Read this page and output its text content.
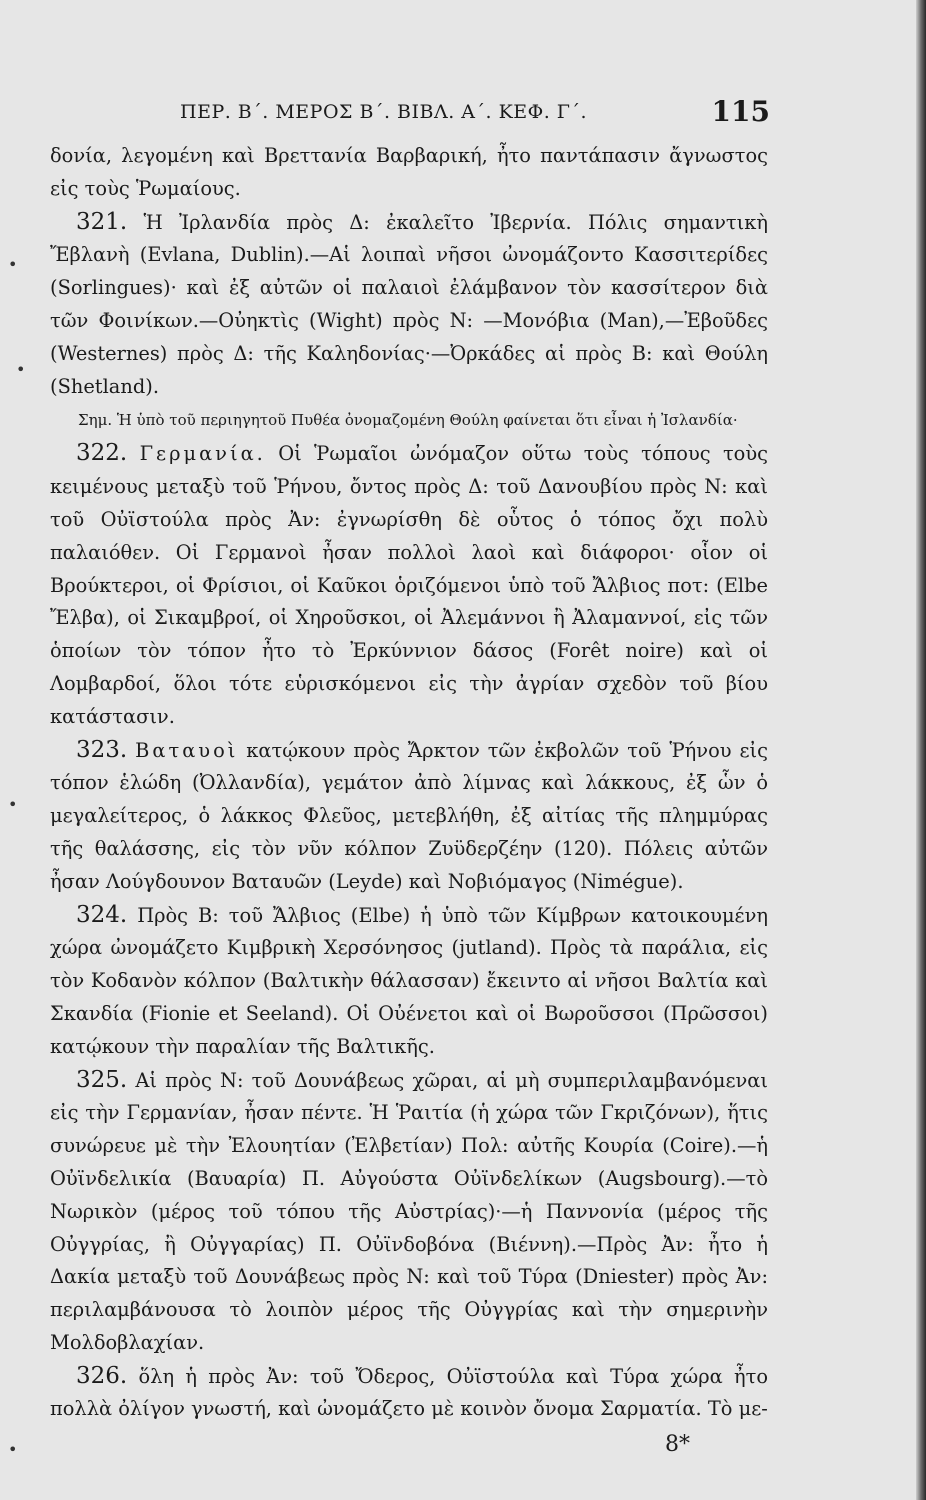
ΠΕΡ. Β΄. ΜΕΡΟΣ Β΄. ΒΙΒΛ. Α΄. ΚΕΦ. Γ΄.	115

δονία, λεγομένη καὶ Βρεττανία Βαρβαρική, ἦτο παντάπασιν ἄγνωστος εἰς τοὺς Ῥωμαίους.

321. Ἡ Ἰρλανδία πρὸς Δ: ἐκαλεῖτο Ἰβερνία. Πόλις σημαντικὴ Ἔβλανὴ (Evlana, Dublin).—Αἱ λοιπαὶ νῆσοι ὠνομάζοντο Κασσιτερίδες (Sorlingues)· καὶ ἐξ αὐτῶν οἱ παλαιοὶ ἐλάμβανον τὸν κασσίτερον διὰ τῶν Φοινίκων.—Οὐηκτὶς (Wight) πρὸς Ν: —Μονόβια (Man),—Ἐβοῦδες (Westernes) πρὸς Δ: τῆς Καληδονίας·—Ὀρκάδες αἱ πρὸς Β: καὶ Θούλη (Shetland).

Σημ. Ἡ ὑπὸ τοῦ περιηγητοῦ Πυθέα ὀνομαζομένη Θούλη φαίνεται ὅτι εἶναι ἡ Ἰσλανδία·

322. Γερμανία. Οἱ Ῥωμαῖοι ὠνόμαζον οὕτω τοὺς τόπους τοὺς κειμένους μεταξὺ τοῦ Ῥήνου, ὄντος πρὸς Δ: τοῦ Δανουβίου πρὸς Ν: καὶ τοῦ Οὐϊστούλα πρὸς Ἀν: ἐγνωρίσθη δὲ οὗτος ὁ τόπος ὄχι πολὺ παλαιόθεν. Οἱ Γερμανοὶ ἦσαν πολλοὶ λαοὶ καὶ διάφοροι· οἷον οἱ Βρούκτεροι, οἱ Φρίσιοι, οἱ Καῦκοι ὁριζόμενοι ὑπὸ τοῦ Ἄλβιος ποτ: (Elbe Ἔλβα), οἱ Σικαμβροί, οἱ Χηροῦσκοι, οἱ Ἀλεμάννοι ἢ Ἀλαμαννοί, εἰς τῶν ὁποίων τὸν τόπον ἦτο τὸ Ἐρκύννιον δάσος (Forêt noire) καὶ οἱ Λομβαρδοί, ὅλοι τότε εὑρισκόμενοι εἰς τὴν ἀγρίαν σχεδὸν τοῦ βίου κατάστασιν.

323. Βαταυοὶ κατῴκουν πρὸς Ἄρκτον τῶν ἐκβολῶν τοῦ Ῥήνου εἰς τόπον ἑλώδη (Ὀλλανδία), γεμάτον ἀπὸ λίμνας καὶ λάκκους, ἐξ ὧν ὁ μεγαλείτερος, ὁ λάκκος Φλεῦος, μετεβλήθη, ἐξ αἰτίας τῆς πλημμύρας τῆς θαλάσσης, εἰς τὸν νῦν κόλπον Ζυϋδερζέην (120). Πόλεις αὐτῶν ἦσαν Λούγδουνον Βαταυῶν (Leyde) καὶ Νοβιόμαγος (Nimégue).

324. Πρὸς Β: τοῦ Ἄλβιος (Elbe) ἡ ὑπὸ τῶν Κίμβρων κατοικουμένη χώρα ὠνομάζετο Κιμβρικὴ Χερσόνησος (jutland). Πρὸς τὰ παράλια, εἰς τὸν Κοδανὸν κόλπον (Βαλτικὴν θάλασσαν) ἔκειντο αἱ νῆσοι Βαλτία καὶ Σκανδία (Fionie et Seeland). Οἱ Οὐένετοι καὶ οἱ Βωροῦσσοι (Πρῶσσοι) κατῴκουν τὴν παραλίαν τῆς Βαλτικῆς.

325. Αἱ πρὸς Ν: τοῦ Δουνάβεως χῶραι, αἱ μὴ συμπεριλαμβανόμεναι εἰς τὴν Γερμανίαν, ἦσαν πέντε. Ἡ Ῥαιτία (ἡ χώρα τῶν Γκριζόνων), ἥτις συνώρευε μὲ τὴν Ἐλουητίαν (Ἐλβετίαν) Πολ: αὐτῆς Κουρία (Coire).—ἡ Οὐϊνδελικία (Βαυαρία) Π. Αὐγούστα Οὐϊνδελίκων (Augsbourg).—τὸ Νωρικὸν (μέρος τοῦ τόπου τῆς Αὐστρίας)·—ἡ Παννονία (μέρος τῆς Οὐγγρίας, ἢ Οὐγγαρίας) Π. Οὐϊνδοβόνα (Βιέννη).—Πρὸς Ἀν: ἦτο ἡ Δακία μεταξὺ τοῦ Δουνάβεως πρὸς Ν: καὶ τοῦ Τύρα (Dniester) πρὸς Ἀν: περιλαμβάνουσα τὸ λοιπὸν μέρος τῆς Οὐγγρίας καὶ τὴν σημερινὴν Μολδοβλαχίαν.

326. ὅλη ἡ πρὸς Ἀν: τοῦ Ὄδερος, Οὐϊστούλα καὶ Τύρα χώρα ἦτο πολλὰ ὀλίγον γνωστή, καὶ ὠνομάζετο μὲ κοινὸν ὄνομα Σαρματία. Τὸ με-

8*
•
•
•
•
